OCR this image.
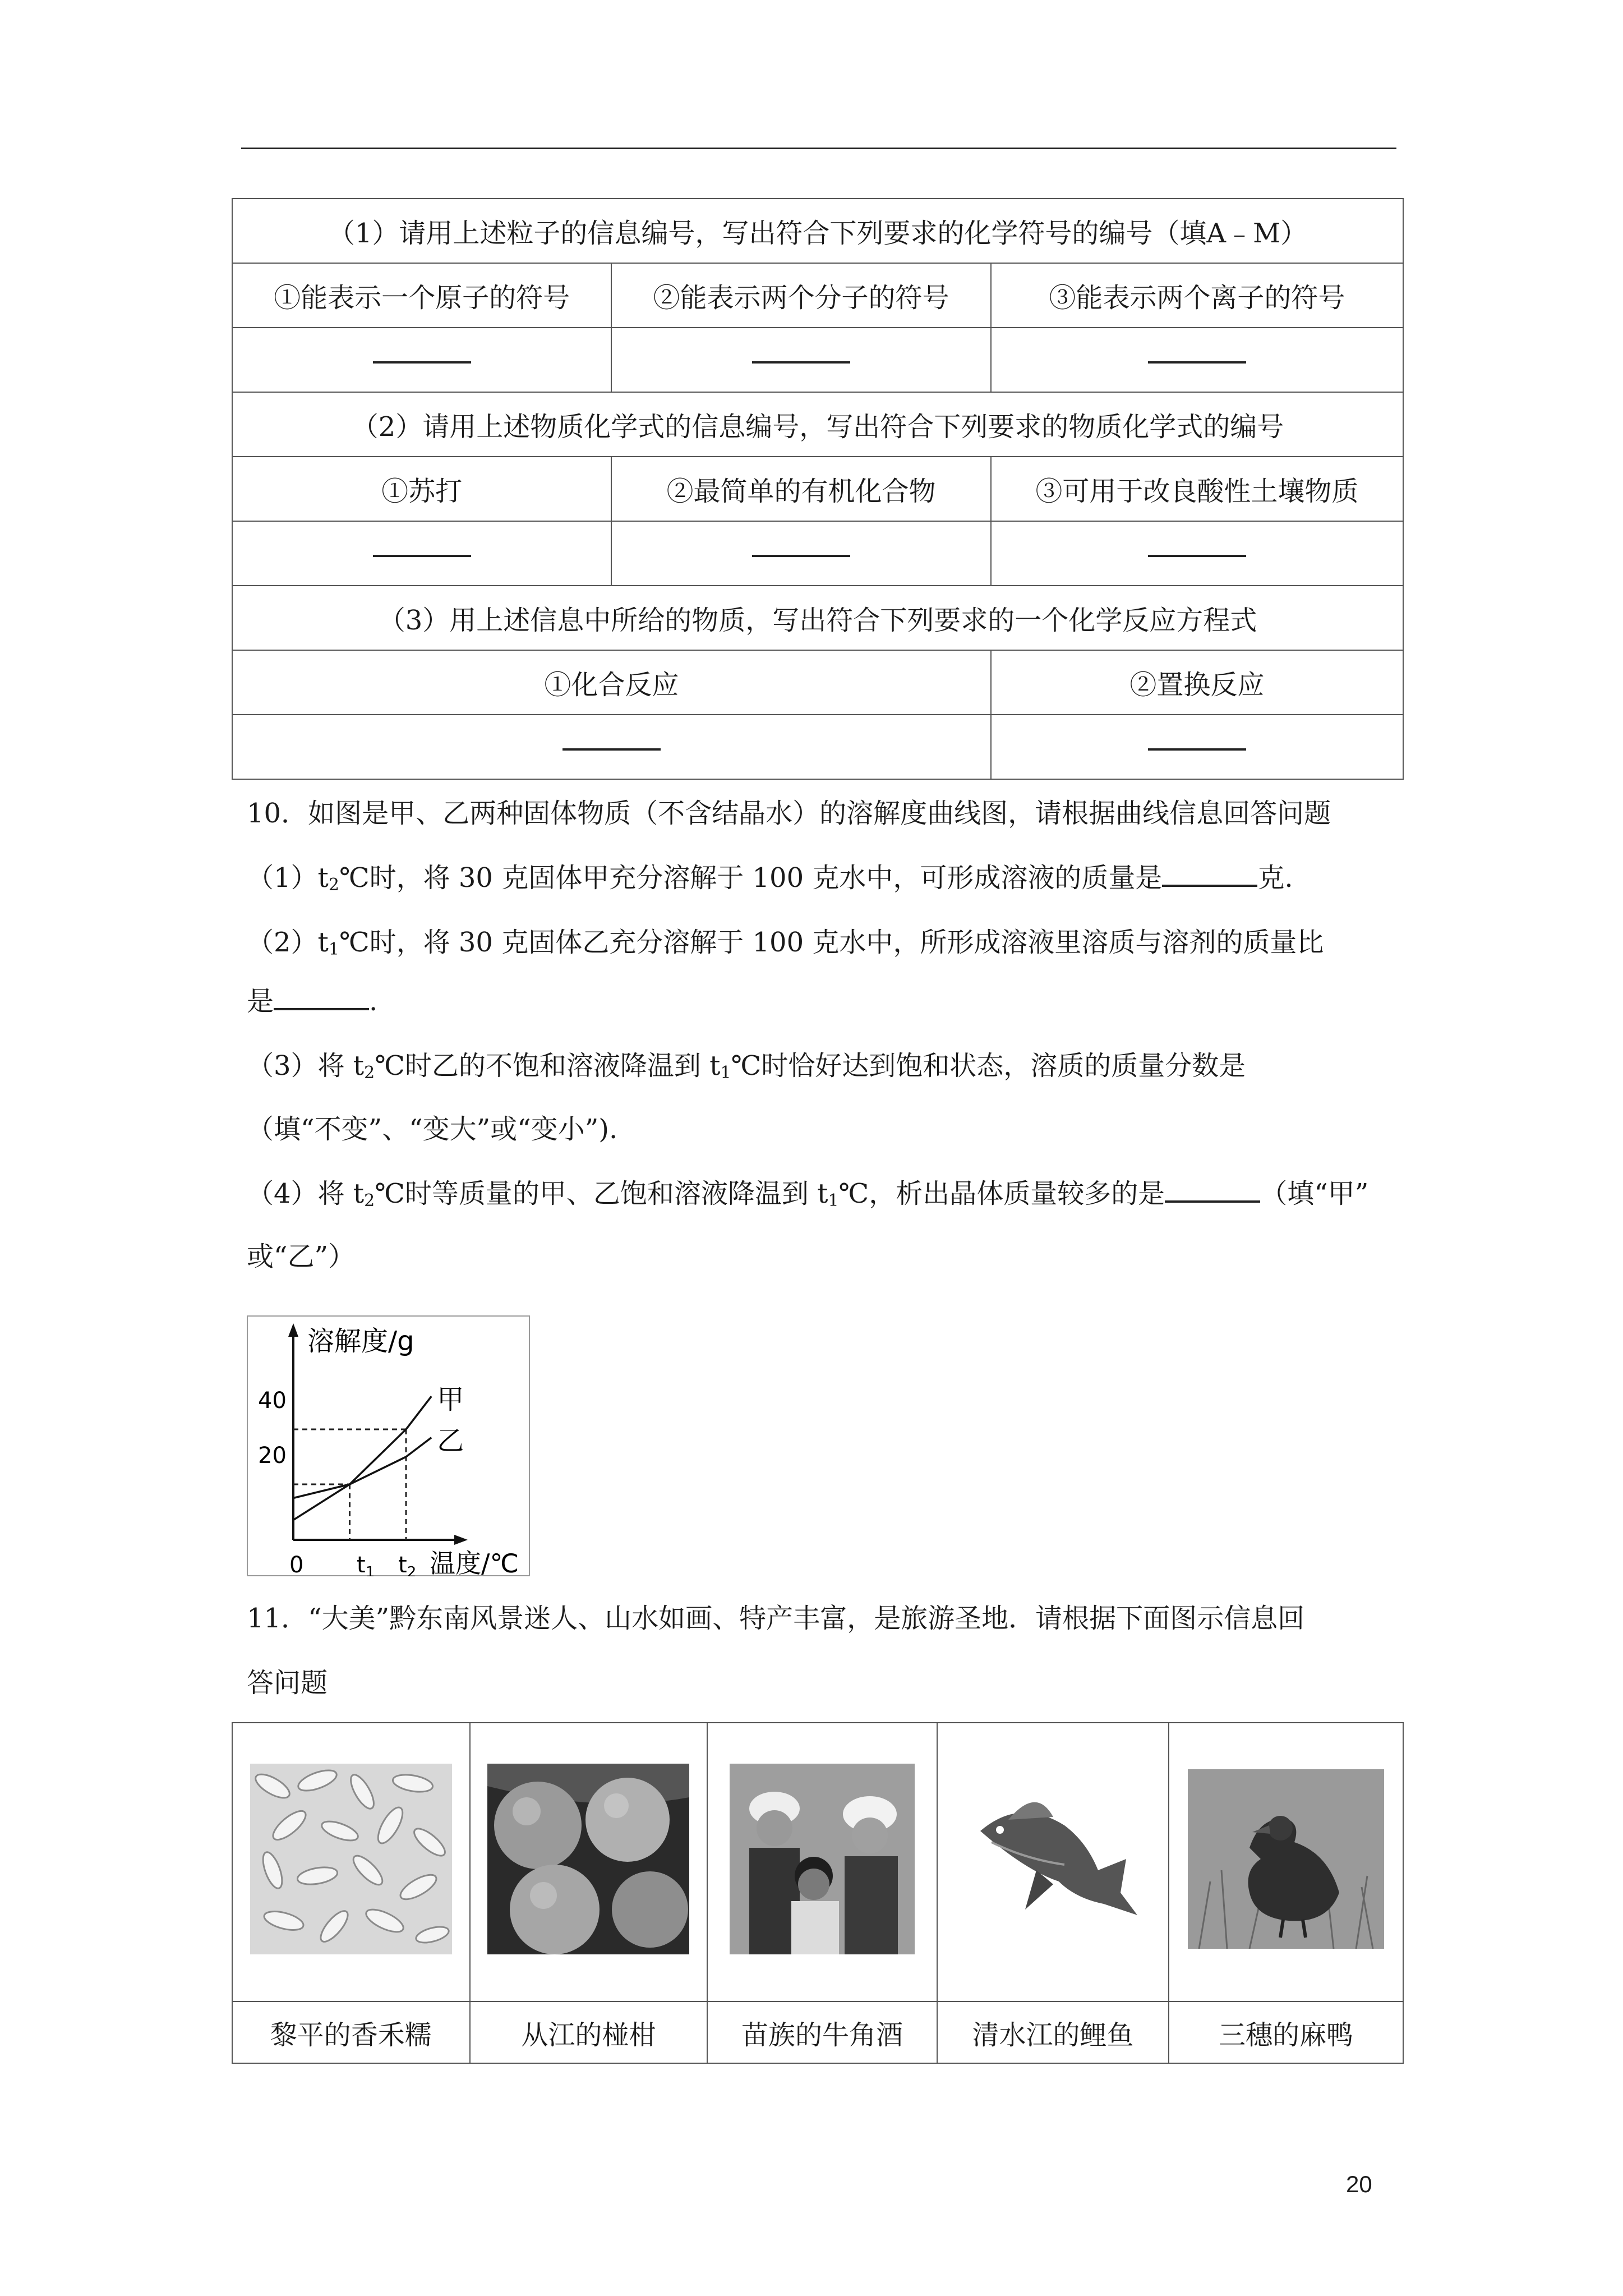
（1）请用上述粒子的信息编号，写出符合下列要求的化学符号的编号（填A﹣M）		
①能表示一个原子的符号	②能表示两个分子的符号	③能表示两个离子的符号

（2）请用上述物质化学式的信息编号，写出符合下列要求的物质化学式的编号		
①苏打	②最简单的有机化合物	③可用于改良酸性土壤物质

（3）用上述信息中所给的物质，写出符合下列要求的一个化学反应方程式		
①化合反应		②置换反应

10．如图是甲、乙两种固体物质（不含结晶水）的溶解度曲线图，请根据曲线信息回答问题
$(1)t_2℃$时，将 30 克固体甲充分溶解于 100 克水中，可形成溶液的质量是	克.
$(2)t_1℃$时，将 30 克固体乙充分溶解于 100 克水中，所形成溶液里溶质与溶剂的质量比
是	.
（3）将 $t_2℃$时乙的不饱和溶液降温到 $t_1℃$时恰好达到饱和状态，溶质的质量分数是
（填“不变”、“变大”或“变小”).
（4）将 $t_2℃$时等质量的甲、乙饱和溶液降温到 $t_1℃$，析出晶体质量较多的是	（填“甲”
或“乙”）
溶解度/g
温度/℃
0
40
20
$t_1$ $t_2$
甲
乙
11．“大美”黔东南风景迷人、山水如画、特产丰富，是旅游圣地．请根据下面图示信息回
答问题

黎平的香禾糯	从江的椪柑	苗族的牛角酒	清水江的鲤鱼	三穗的麻鸭
20
